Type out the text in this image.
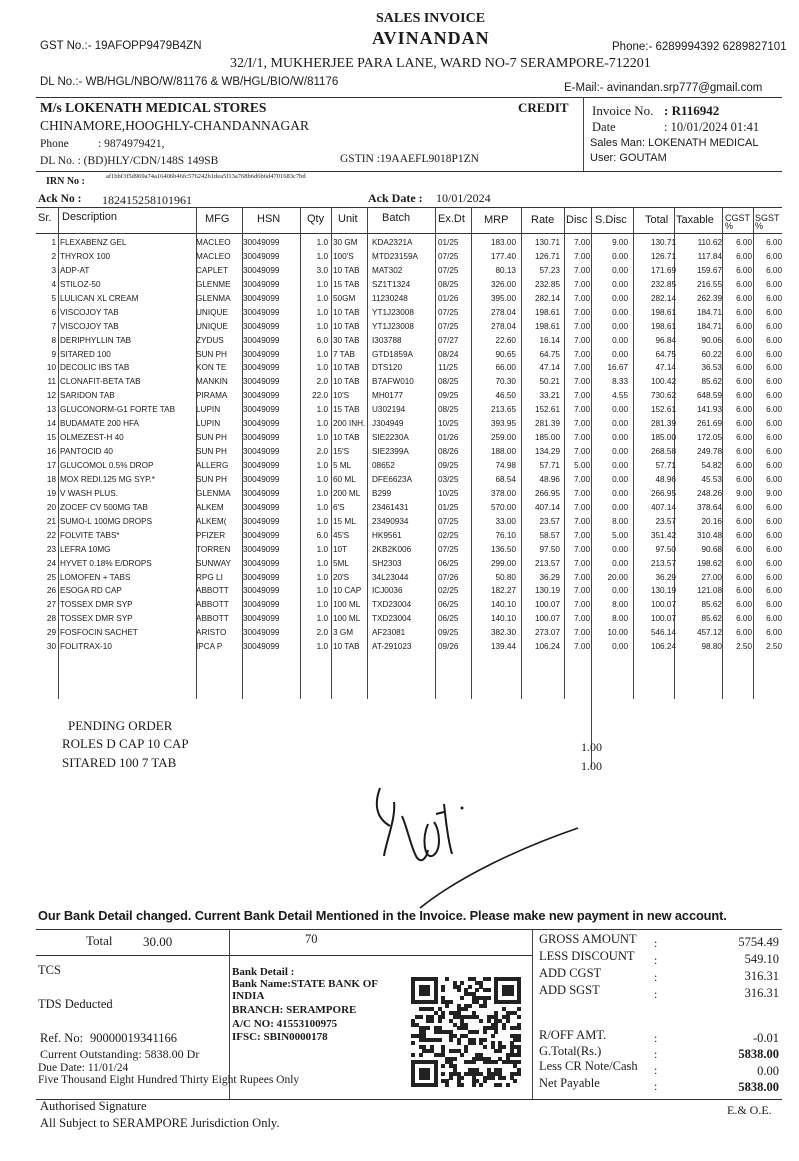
SALES INVOICE
AVINANDAN
GST No.:- 19AFOPP9479B4ZN	Phone:- 6289994392 6289827101
32/I/1, MUKHERJEE PARA LANE, WARD NO-7 SERAMPORE-712201
DL No.:- WB/HGL/NBO/W/81176 & WB/HGL/BIO/W/81176	E-Mail:- avinandan.srp777@gmail.com
M/s LOKENATH MEDICAL STORES
CHINAMORE,HOOGHLY-CHANDANNAGAR
Phone	: 9874979421,
DL No. : (BD)HLY/CDN/148S 149SB	GSTIN :19AAEFL9018P1ZN
CREDIT Invoice No. : R116942
Date	: 10/01/2024 01:41
Sales Man: LOKENATH MEDICAL
User: GOUTAM
IRN No :	af1bbf3f5d969a74a16406b46fc576242b1dea5f13a768b6d6b6d4701683c7bd
Ack No : 182415258101961	Ack Date : 10/01/2024
Sr. Description	MFG	HSN Qty Unit Batch	Ex.Dt MRP Rate Disc S.Disc Total Taxable CGST %
SGST %
1 FLEXABENZ GEL	MACLEO	30049099	1.0 30 GM	KDA2321A	01/25	183.00	130.71	7.00	9.00	130.71	110.62	6.00	6.00
2 THYROX 100	MACLEO	30049099	1.0 100'S	MTD23159A	07/25	177.40	126.71	7.00	0.00	126.71	117.84	6.00	6.00
3 ADP-AT	CAPLET	30049099	3.0 10 TAB	MAT302	07/25	80.13	57.23	7.00	0.00	171.69	159.67	6.00	6.00
4 STILOZ-50	GLENME	30049099	1.0 15 TAB	SZ1T1324	08/25	326.00	232.85	7.00	0.00	232.85	216.55	6.00	6.00
5 LULICAN XL CREAM	GLENMA	30049099	1.0 50GM	11230248	01/26	395.00	282.14	7.00	0.00	282.14	262.39	6.00	6.00
6 VISCOJOY TAB	UNIQUE	30049099	1.0 10 TAB	YT1J23008	07/25	278.04	198.61	7.00	0.00	198.61	184.71	6.00	6.00
7 VISCOJOY TAB	UNIQUE	30049099	1.0 10 TAB	YT1J23008	07/25	278.04	198.61	7.00	0.00	198.61	184.71	6.00	6.00
8 DERIPHYLLIN TAB	ZYDUS	30049099	6.0 30 TAB	I303788	07/27	22.60	16.14	7.00	0.00	96.84	90.06	6.00	6.00
9 SITARED 100	SUN PH	30049099	1.0 7 TAB	GTD1859A	08/24	90.65	64.75	7.00	0.00	64.75	60.22	6.00	6.00
10 DECOLIC IBS TAB	KON TE	30049099	1.0 10 TAB	DTS120	11/25	66.00	47.14	7.00	16.67	47.14	36.53	6.00	6.00
11 CLONAFIT-BETA TAB	MANKIN	30049099	2.0 10 TAB	B7AFW010	08/25	70.30	50.21	7.00	8.33	100.42	85.62	6.00	6.00
12 SARIDON TAB	PIRAMA	30049099	22.0 10'S	MH0177	09/25	46.50	33.21	7.00	4.55	730.62	648.59	6.00	6.00
13 GLUCONORM-G1 FORTE TAB	LUPIN	30049099	1.0 15 TAB	U302194	08/25	213.65	152.61	7.00	0.00	152.61	141.93	6.00	6.00
14 BUDAMATE 200 HFA	LUPIN	30049099	1.0 200 INH. J304949	10/25	393.95	281.39	7.00	0.00	281.39	261.69	6.00	6.00
15 OLMEZEST-H 40	SUN PH	30049099	1.0 10 TAB	SIE2230A	01/26	259.00	185.00	7.00	0.00	185.00	172.05	6.00	6.00
16 PANTOCID 40	SUN PH	30049099	2.0 15'S	SIE2399A	08/26	188.00	134.29	7.00	0.00	268.58	249.78	6.00	6.00
17 GLUCOMOL 0.5% DROP	ALLERG	30049099	1.0 5 ML	08652	09/25	74.98	57.71	5.00	0.00	57.71	54.82	6.00	6.00
18 MOX REDI.125 MG SYP.*	SUN PH	30049099	1.0 60 ML	DFE6623A	03/25	68.54	48.96	7.00	0.00	48.96	45.53	6.00	6.00
19 V WASH PLUS.	GLENMA	30049099	1.0 200 ML	B299	10/25	378.00	266.95	7.00	0.00	266.95	248.26	9.00	9.00
20 ZOCEF CV 500MG TAB	ALKEM	30049099	1.0 6'S	23461431	01/25	570.00	407.14	7.00	0.00	407.14	378.64	6.00	6.00
21 SUMO-L 100MG DROPS	ALKEM(	30049099	1.0 15 ML	23490934	07/25	33.00	23.57	7.00	8.00	23.57	20.16	6.00	6.00
22 FOLVITE TABS*	PFIZER	30049099	6.0 45'S	HK9561	02/25	76.10	58.57	7.00	5.00	351.42	310.48	6.00	6.00
23 LEFRA 10MG	TORREN	30049099	1.0 10T	2KB2K006	07/25	136.50	97.50	7.00	0.00	97.50	90.68	6.00	6.00
24 HYVET 0.18% E/DROPS	SUNWAY	30049099	1.0 5ML	SH2303	06/25	299.00	213.57	7.00	0.00	213.57	198.62	6.00	6.00
25 LOMOFEN + TABS	RPG LI	30049099	1.0 20'S	34L23044	07/26	50.80	36.29	7.00	20.00	36.29	27.00	6.00	6.00
26 ESOGA RD CAP	ABBOTT	30049099	1.0 10 CAP	ICJ0036	02/25	182.27	130.19	7.00	0.00	130.19	121.08	6.00	6.00
27 TOSSEX DMR SYP	ABBOTT	30049099	1.0 100 ML	TXD23004	06/25	140.10	100.07	7.00	8.00	100.07	85.62	6.00	6.00
28 TOSSEX DMR SYP	ABBOTT	30049099	1.0 100 ML	TXD23004	06/25	140.10	100.07	7.00	8.00	100.07	85.62	6.00	6.00
29 FOSFOCIN SACHET	ARISTO	30049099	2.0 3 GM	AF23081	09/25	382.30	273.07	7.00	10.00	546.14	457.12	6.00	6.00
30 FOLITRAX-10	IPCA P	30049099	1.0 10 TAB	AT-291023	09/26	139.44	106.24	7.00	0.00	106.24	98.80	2.50	2.50
PENDING ORDER
ROLES D CAP 10 CAP	1.00
SITARED 100 7 TAB	1.00
Our Bank Detail changed. Current Bank Detail Mentioned in the Invoice. Please make new payment in new account.
Total 30.00	70
TCS
TDS Deducted
Ref. No: 90000019341166
Current Outstanding: 5838.00 Dr
Due Date: 11/01/24
Five Thousand Eight Hundred Thirty Eight Rupees Only
Bank Detail :
Bank Name:STATE BANK OF
INDIA
BRANCH: SERAMPORE
A/C NO: 41553100975
IFSC: SBIN0000178
GROSS AMOUNT	5754.49
LESS DISCOUNT	549.10
ADD CGST	316.31
ADD SGST	316.31
R/OFF AMT.	-0.01
G.Total(Rs.)	5838.00
Less CR Note/Cash	0.00
Net Payable	5838.00
:
:
:
:
:
:
:
:
Authorised Signature
All Subject to SERAMPORE Jurisdiction Only.
E.& O.E.
